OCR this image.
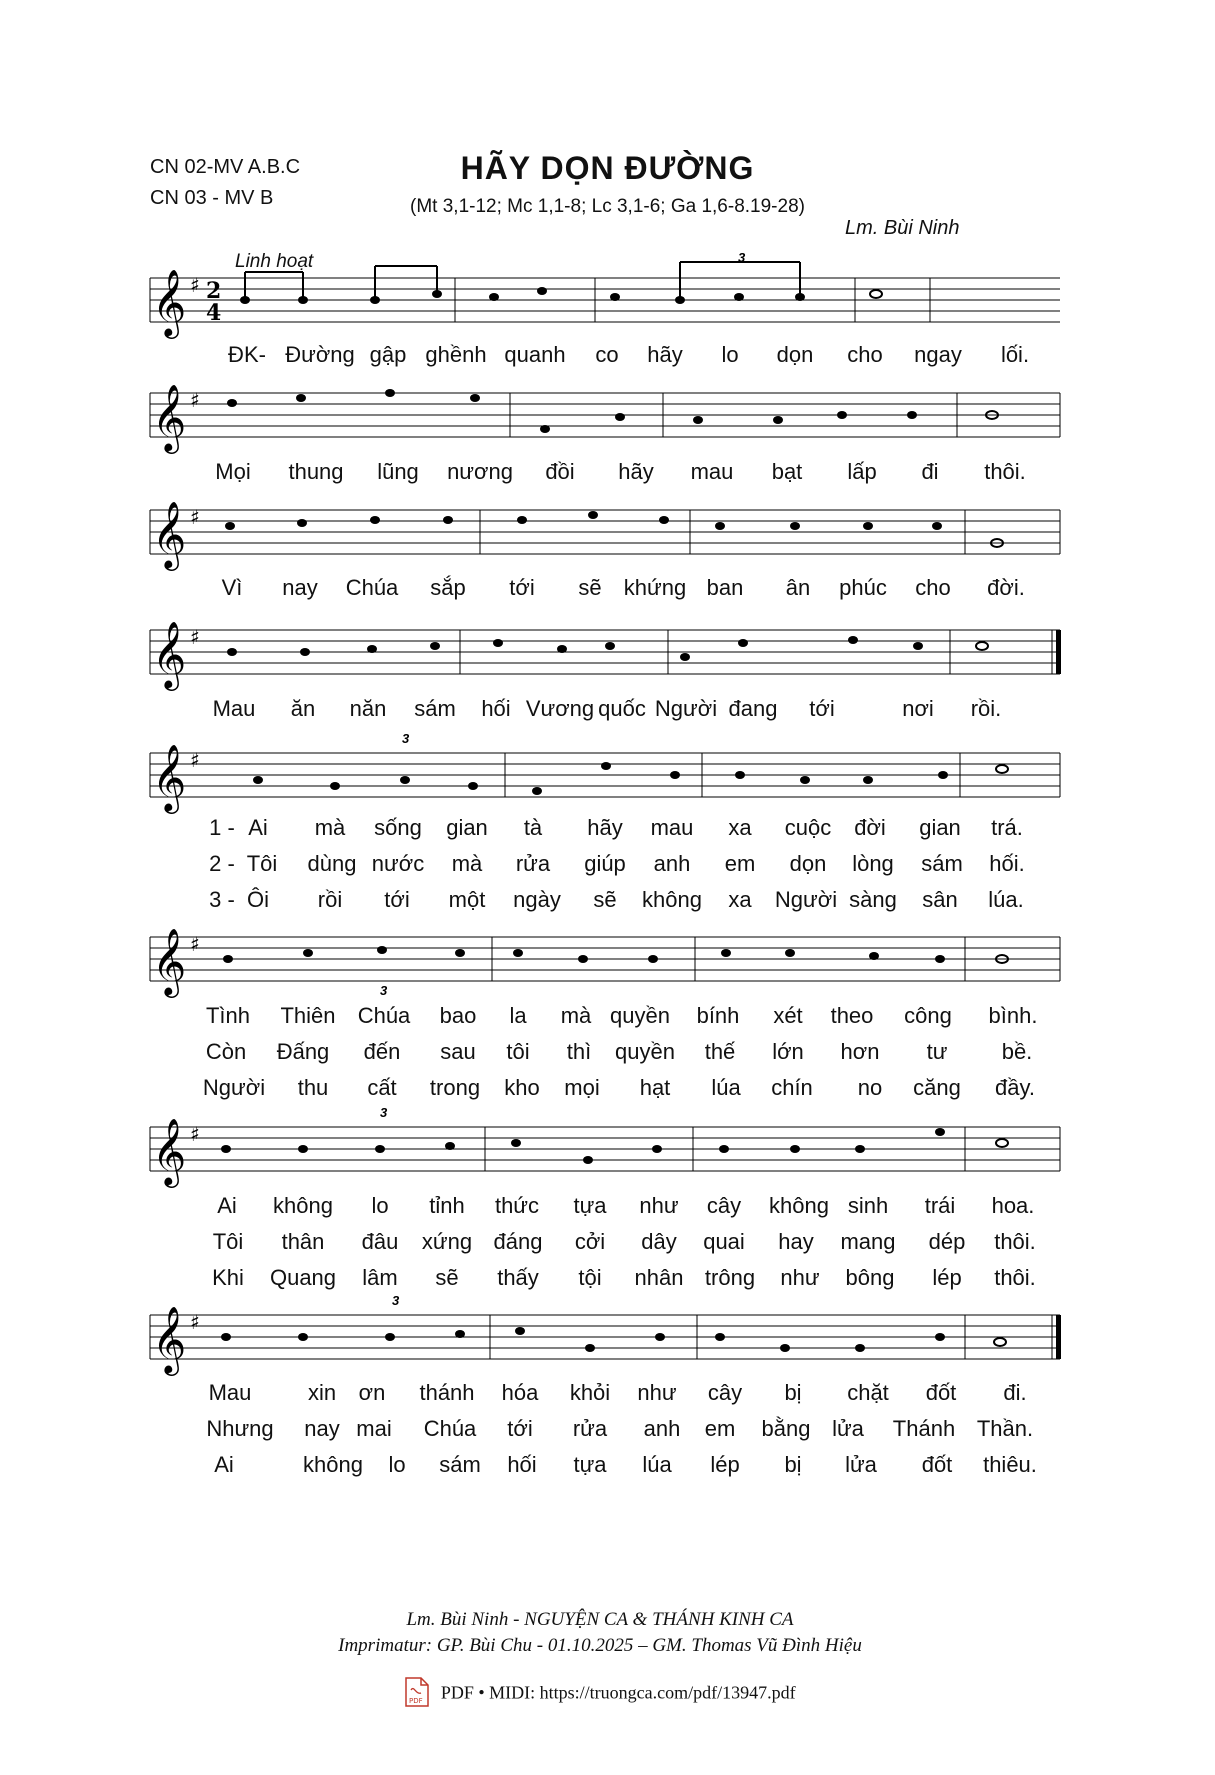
CN 02-MV A.B.C
CN 03 - MV B
HÃY DỌN ĐƯỜNG
(Mt 3,1-12; Mc 1,1-8; Lc 3,1-6; Ga 1,6-8.19-28)
Lm. Bùi Ninh
Linh hoạt
𝄞 ♯ 2
4
3
𝄞 ♯
𝄞 ♯
𝄞 ♯
𝄞 ♯
3
𝄞 ♯
3
𝄞 ♯
3
𝄞 ♯
3
ĐK- Đường gập ghềnh quanh co hãy lo dọn cho ngay lối.
Mọi thung lũng nương đồi hãy mau bạt lấp đi thôi.
Vì nay Chúa sắp tới sẽ khứng ban ân phúc cho đời.
Mau ăn năn sám hối Vương quốc Người đang tới	nơi rồi.
1 - Ai mà sống gian tà hãy mau xa cuộc đời gian trá.
2 - Tôi dùng nước mà rửa giúp anh em dọn lòng sám hối.
3 - Ôi rồi tới một ngày sẽ không xa Người sàng sân lúa.
Tình Thiên Chúa bao la mà quyền bính xét theo công bình.
Còn Đấng đến sau tôi thì quyền thế lớn hơn tư bề.
Người thu cất trong kho mọi hạt lúa chín no căng đầy.
Ai không lo tỉnh thức tựa như cây không sinh trái hoa.
Tôi thân đâu xứng đáng cởi dây quai hay mang dép thôi.
Khi Quang lâm sẽ thấy tội nhân trông như bông lép thôi.
Mau	xin ơn thánh hóa khỏi như cây bị chặt đốt đi.
Nhưng nay mai Chúa tới rửa anh em bằng lửa Thánh Thần.
Ai	không lo sám hối tựa lúa lép bị lửa đốt thiêu.
Lm. Bùi Ninh - NGUYỆN CA & THÁNH KINH CA
Imprimatur: GP. Bùi Chu - 01.10.2025 – GM. Thomas Vũ Đình Hiệu
PDF PDF • MIDI: https://truongca.com/pdf/13947.pdf
